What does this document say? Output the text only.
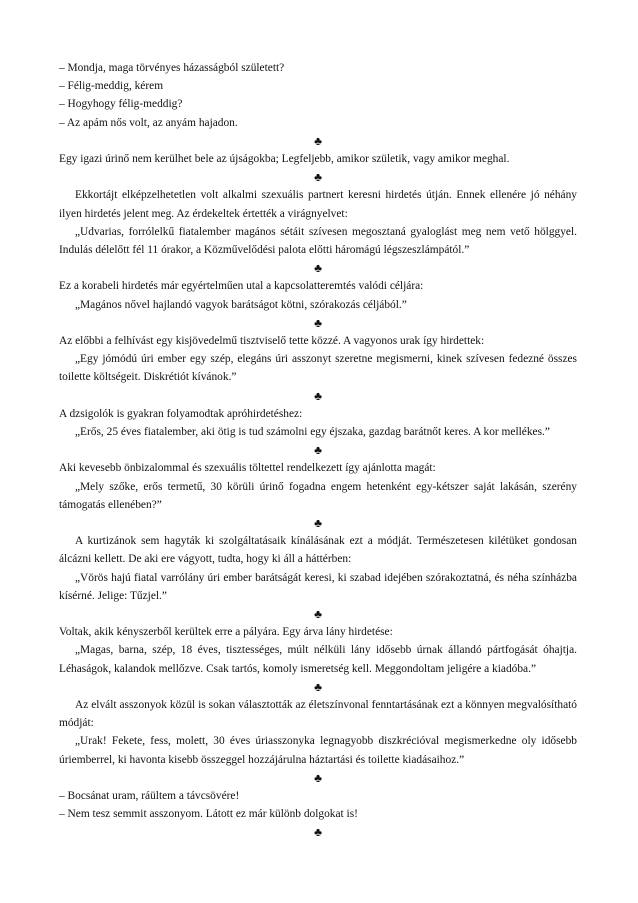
– Mondja, maga törvényes házasságból született?
– Félig-meddig, kérem
– Hogyhogy félig-meddig?
– Az apám nős volt, az anyám hajadon.
♣
Egy igazi úrinő nem kerülhet bele az újságokba; Legfeljebb, amikor születik, vagy amikor meghal.
♣
Ekkortájt elképzelhetetlen volt alkalmi szexuális partnert keresni hirdetés útján. Ennek ellenére jó néhány ilyen hirdetés jelent meg. Az érdekeltek értették a virágnyelvet:
„Udvarias, forrólelkű fiatalember magános sétáit szívesen megosztaná gyaloglást meg nem vető hölggyel. Indulás délelőtt fél 11 órakor, a Közművelődési palota előtti háromágú légszeszlámpától.”
♣
Ez a korabeli hirdetés már egyértelműen utal a kapcsolatteremtés valódi céljára:
„Magános nővel hajlandó vagyok barátságot kötni, szórakozás céljából.”
♣
Az előbbi a felhívást egy kisjövedelmű tisztviselő tette közzé. A vagyonos urak így hirdettek:
„Egy jómódú úri ember egy szép, elegáns úri asszonyt szeretne megismerni, kinek szívesen fedezné összes toilette költségeit. Diskrétiót kívánok.”
♣
A dzsigolók is gyakran folyamodtak apróhirdetéshez:
„Erős, 25 éves fiatalember, aki ötig is tud számolni egy éjszaka, gazdag barátnőt keres. A kor mellékes.”
♣
Aki kevesebb önbizalommal és szexuális töltettel rendelkezett így ajánlotta magát:
„Mely szőke, erős termetű, 30 körüli úrinő fogadna engem hetenként egy-kétszer saját lakásán, szerény támogatás ellenében?”
♣
A kurtizánok sem hagyták ki szolgáltatásaik kínálásának ezt a módját. Természetesen kilétüket gondosan álcázni kellett. De aki ere vágyott, tudta, hogy ki áll a háttérben:
„Vörös hajú fiatal varrólány úri ember barátságát keresi, ki szabad idejében szórakoztatná, és néha színházba kísérné. Jelige: Tűzjel.”
♣
Voltak, akik kényszerből kerültek erre a pályára. Egy árva lány hirdetése:
„Magas, barna, szép, 18 éves, tisztességes, múlt nélküli lány idősebb úrnak állandó pártfogását óhajtja. Léhaságok, kalandok mellőzve. Csak tartós, komoly ismeretség kell. Meggondoltam jeligére a kiadóba.”
♣
Az elvált asszonyok közül is sokan választották az életszínvonal fenntartásának ezt a könnyen megvalósítható módját:
„Urak! Fekete, fess, molett, 30 éves úriasszonyka legnagyobb diszkrécióval megismerkedne oly idősebb úriemberrel, ki havonta kisebb összeggel hozzájárulna háztartási és toilette kiadásaihoz.”
♣
– Bocsánat uram, ráültem a távcsövére!
– Nem tesz semmit asszonyom. Látott ez már különb dolgokat is!
♣
